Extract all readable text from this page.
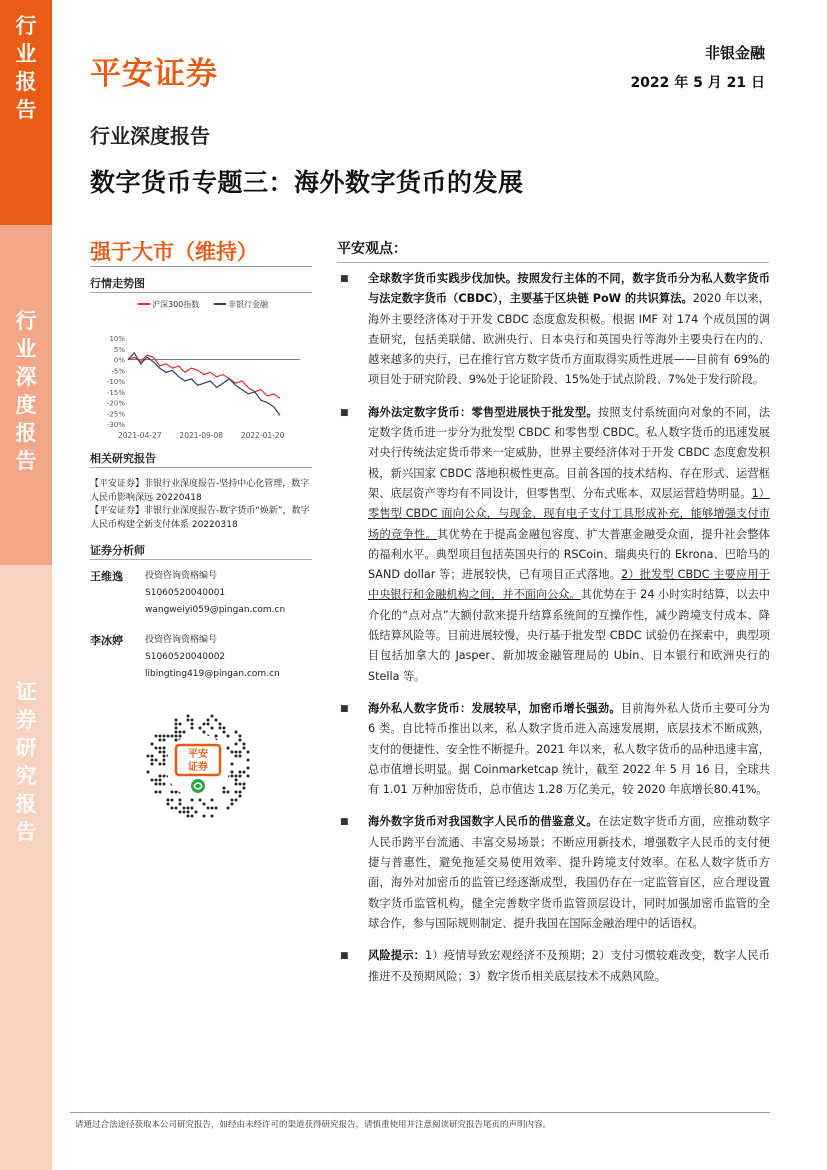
行业报告
行业深度报告
证券研究报告
平安证券
非银金融
2022 年 5 月 21 日
行业深度报告
数字货币专题三：海外数字货币的发展
强于大市（维持）
行情走势图
沪深300指数	非银行金融
10%
5%
0%
-5%
-10%
-15%
-20%
-25%
-30%
2021-04-27 2021-09-08 2022-01-20
相关研究报告
【平安证券】非银行业深度报告-坚持中心化管理，数字人民币影响深远 20220418
【平安证券】非银行业深度报告-数字货币“焕新”，数字人民币构建全新支付体系 20220318
证券分析师
王维逸 投资咨询资格编号
S1060520040001
wangweiyi059@pingan.com.cn
李冰婷 投资咨询资格编号
S1060520040002
libingting419@pingan.com.cn
平安
证券
平安观点：
■ 全球数字货币实践步伐加快。按照发行主体的不同，数字货币分为私人数字货币与法定数字货币（CBDC），主要基于区块链 PoW 的共识算法。2020 年以来，海外主要经济体对于开发 CBDC 态度愈发积极。根据 IMF 对 174 个成员国的调查研究，包括美联储、欧洲央行、日本央行和英国央行等海外主要央行在内的、越来越多的央行，已在推行官方数字货币方面取得实质性进展——目前有 69%的项目处于研究阶段、9%处于论证阶段、15%处于试点阶段、7%处于发行阶段。
■ 海外法定数字货币：零售型进展快于批发型。按照支付系统面向对象的不同，法定数字货币进一步分为批发型 CBDC 和零售型 CBDC。私人数字货币的迅速发展对央行传统法定货币带来一定威胁，世界主要经济体对于开发 CBDC 态度愈发积极，新兴国家 CBDC 落地积极性更高。目前各国的技术结构、存在形式、运营框架、底层资产等均有不同设计，但零售型、分布式账本、双层运营趋势明显。1）零售型 CBDC 面向公众，与现金、现有电子支付工具形成补充，能够增强支付市场的竞争性。其优势在于提高金融包容度、扩大普惠金融受众面，提升社会整体的福利水平。典型项目包括英国央行的 RSCoin、瑞典央行的 Ekrona、巴哈马的 SAND dollar 等；进展较快，已有项目正式落地。2）批发型 CBDC 主要应用于中央银行和金融机构之间，并不面向公众。其优势在于 24 小时实时结算，以去中介化的“点对点”大额付款来提升结算系统间的互操作性，减少跨境支付成本、降低结算风险等。目前进展较慢，央行基于批发型 CBDC 试验仍在探索中，典型项目包括加拿大的 Jasper、新加坡金融管理局的 Ubin、日本银行和欧洲央行的 Stella 等。
■ 海外私人数字货币：发展较早，加密币增长强劲。目前海外私人货币主要可分为 6 类。自比特币推出以来，私人数字货币进入高速发展期，底层技术不断成熟，支付的便捷性、安全性不断提升。2021 年以来，私人数字货币的品种迅速丰富，总市值增长明显。据 Coinmarketcap 统计，截至 2022 年 5 月 16 日，全球共有 1.01 万种加密货币，总市值达 1.28 万亿美元，较 2020 年底增长80.41%。
■ 海外数字货币对我国数字人民币的借鉴意义。在法定数字货币方面，应推动数字人民币跨平台流通、丰富交易场景；不断应用新技术，增强数字人民币的支付便捷与普惠性，避免拖延交易使用效率、提升跨境支付效率。在私人数字货币方面，海外对加密币的监管已经逐渐成型，我国仍存在一定监管盲区，应合理设置数字货币监管机构，健全完善数字货币监管顶层设计，同时加强加密币监管的全球合作，参与国际规则制定、提升我国在国际金融治理中的话语权。
■ 风险提示：1）疫情导致宏观经济不及预期；2）支付习惯较难改变，数字人民币推进不及预期风险；3）数字货币相关底层技术不成熟风险。
请通过合法途径获取本公司研究报告，如经由未经许可的渠道获得研究报告，请慎重使用并注意阅读研究报告尾页的声明内容。
